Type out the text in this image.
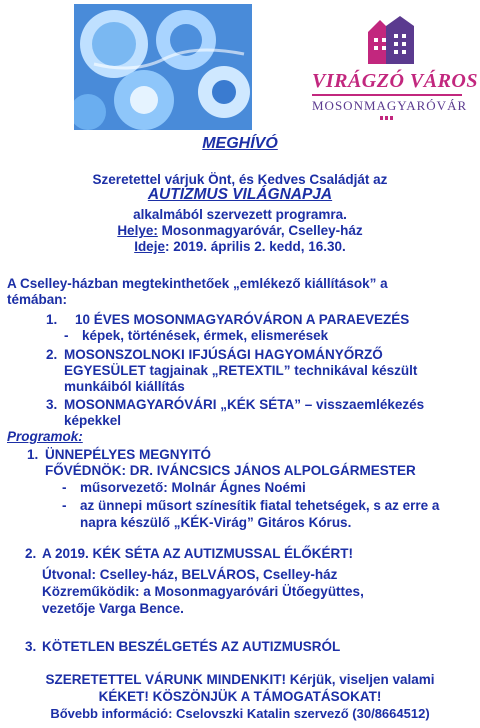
VIRÁGZÓ VÁROS
MOSONMAGYARÓVÁR
MEGHÍVÓ
Szeretettel várjuk Önt, és Kedves Családját az
AUTIZMUS VILÁGNAPJA
alkalmából szervezett programra.
Helye: Mosonmagyaróvár, Cselley-ház
Ideje: 2019. április 2. kedd, 16.30.
A Cselley-házban megtekinthetőek „emlékező kiállítások” a
témában:
1. 10 ÉVES MOSONMAGYARÓVÁRON A PARAEVEZÉS
- képek, történések, érmek, elismerések
2. MOSONSZOLNOKI IFJÚSÁGI HAGYOMÁNYŐRZŐ
EGYESÜLET tagjainak „RETEXTIL” technikával készült
munkáiból kiállítás
3. MOSONMAGYARÓVÁRI „KÉK SÉTA” – visszaemlékezés
képekkel
Programok:
1. ÜNNEPÉLYES MEGNYITÓ
FŐVÉDNÖK: DR. IVÁNCSICS JÁNOS ALPOLGÁRMESTER
- műsorvezető: Molnár Ágnes Noémi
- az ünnepi műsort színesítik fiatal tehetségek, s az erre a
napra készülő „KÉK-Virág” Gitáros Kórus.
2. A 2019. KÉK SÉTA AZ AUTIZMUSSAL ÉLŐKÉRT!
Útvonal: Cselley-ház, BELVÁROS, Cselley-ház
Közreműködik: a Mosonmagyaróvári Ütőegyüttes,
vezetője Varga Bence.
3. KÖTETLEN BESZÉLGETÉS AZ AUTIZMUSRÓL
SZERETETTEL VÁRUNK MINDENKIT! Kérjük, viseljen valami
KÉKET! KÖSZÖNJÜK A TÁMOGATÁSOKAT!
Bővebb információ: Cselovszki Katalin szervező (30/8664512)
